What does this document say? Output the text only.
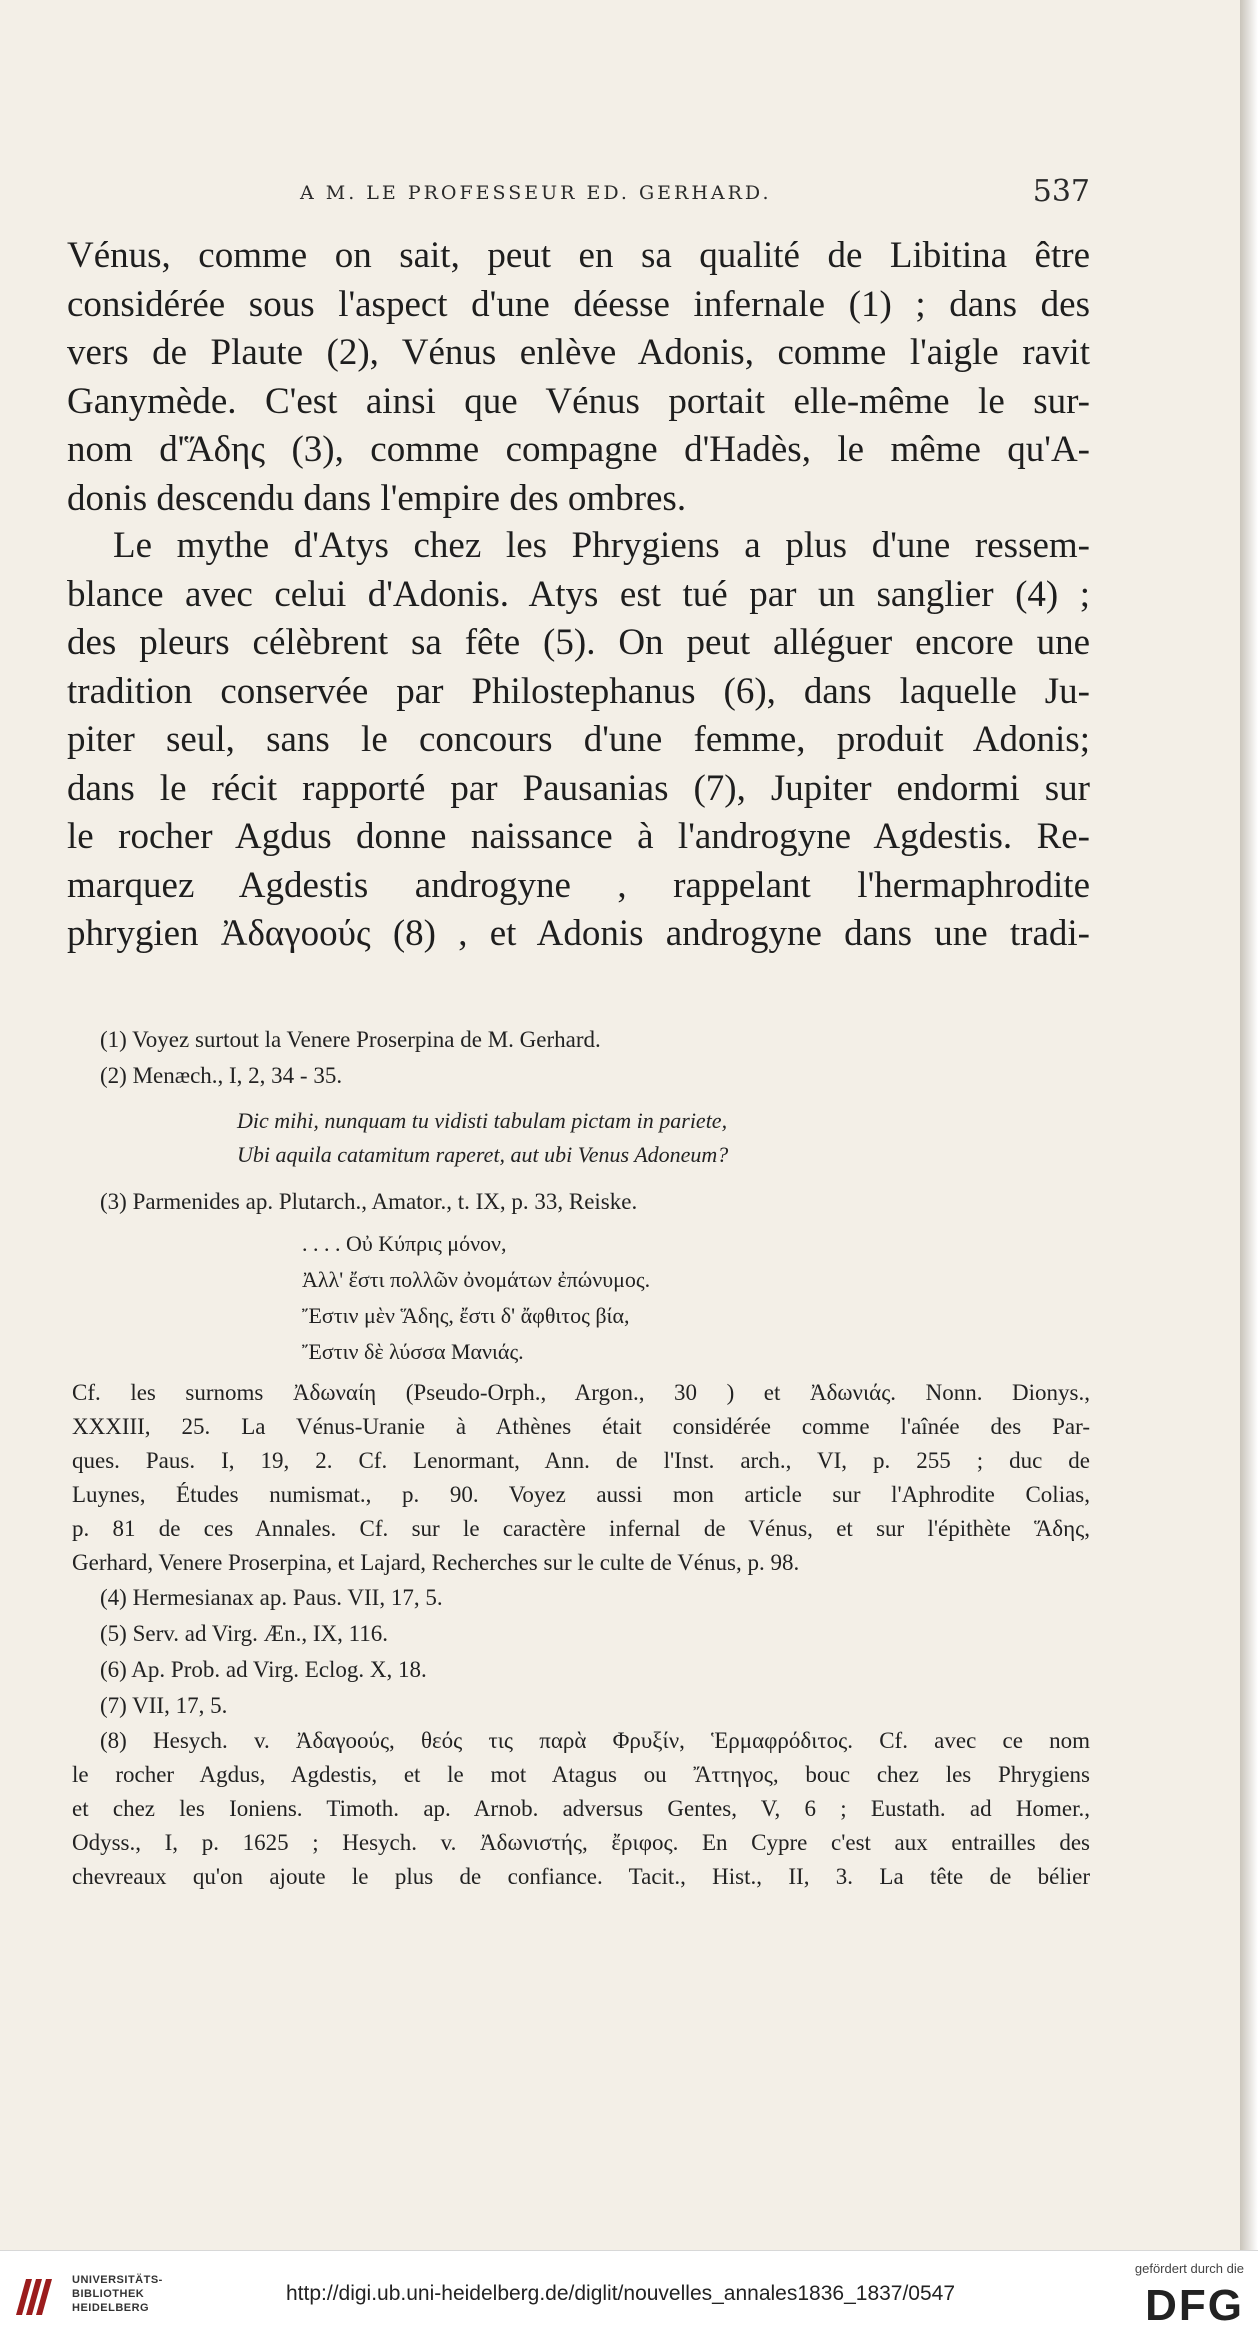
A M. LE PROFESSEUR ED. GERHARD.	537
Vénus, comme on sait, peut en sa qualité de Libitina être
considérée sous l'aspect d'une déesse infernale (1) ; dans des
vers de Plaute (2), Vénus enlève Adonis, comme l'aigle ravit
Ganymède. C'est ainsi que Vénus portait elle-même le sur-
nom d'Ἅδης (3), comme compagne d'Hadès, le même qu'A-
donis descendu dans l'empire des ombres.
Le mythe d'Atys chez les Phrygiens a plus d'une ressem-
blance avec celui d'Adonis. Atys est tué par un sanglier (4) ;
des pleurs célèbrent sa fête (5). On peut alléguer encore une
tradition conservée par Philostephanus (6), dans laquelle Ju-
piter seul, sans le concours d'une femme, produit Adonis;
dans le récit rapporté par Pausanias (7), Jupiter endormi sur
le rocher Agdus donne naissance à l'androgyne Agdestis. Re-
marquez Agdestis androgyne , rappelant l'hermaphrodite
phrygien Ἀδαγοούς (8) , et Adonis androgyne dans une tradi-
(1) Voyez surtout la Venere Proserpina de M. Gerhard.
(2) Menæch., I, 2, 34 - 35.
Dic mihi, nunquam tu vidisti tabulam pictam in pariete,
Ubi aquila catamitum raperet, aut ubi Venus Adoneum?
(3) Parmenides ap. Plutarch., Amator., t. IX, p. 33, Reiske.
. . . . Οὐ Κύπρις μόνον,
Ἀλλ' ἔστι πολλῶν ὀνομάτων ἐπώνυμος.
Ἔστιν μὲν Ἅδης, ἔστι δ' ἄφθιτος βία,
Ἔστιν δὲ λύσσα Μανιάς.
Cf. les surnoms Ἀδωναίη (Pseudo-Orph., Argon., 30 ) et Ἀδωνιάς. Nonn. Dionys.,
XXXIII, 25. La Vénus-Uranie à Athènes était considérée comme l'aînée des Par-
ques. Paus. I, 19, 2. Cf. Lenormant, Ann. de l'Inst. arch., VI, p. 255 ; duc de
Luynes, Études numismat., p. 90. Voyez aussi mon article sur l'Aphrodite Colias,
p. 81 de ces Annales. Cf. sur le caractère infernal de Vénus, et sur l'épithète Ἅδης,
Gerhard, Venere Proserpina, et Lajard, Recherches sur le culte de Vénus, p. 98.
(4) Hermesianax ap. Paus. VII, 17, 5.
(5) Serv. ad Virg. Æn., IX, 116.
(6) Ap. Prob. ad Virg. Eclog. X, 18.
(7) VII, 17, 5.
(8) Hesych. v. Ἀδαγοούς, θεός τις παρὰ Φρυξίν, Ἑρμαφρόδιτος. Cf. avec ce nom
le rocher Agdus, Agdestis, et le mot Atagus ou Ἄττηγος, bouc chez les Phrygiens
et chez les Ioniens. Timoth. ap. Arnob. adversus Gentes, V, 6 ; Eustath. ad Homer.,
Odyss., I, p. 1625 ; Hesych. v. Ἀδωνιστής, ἔριφος. En Cypre c'est aux entrailles des
chevreaux qu'on ajoute le plus de confiance. Tacit., Hist., II, 3. La tête de bélier
UNIVERSITÄTS-
BIBLIOTHEK
HEIDELBERG
http://digi.ub.uni-heidelberg.de/diglit/nouvelles_annales1836_1837/0547
gefördert durch die
DFG
